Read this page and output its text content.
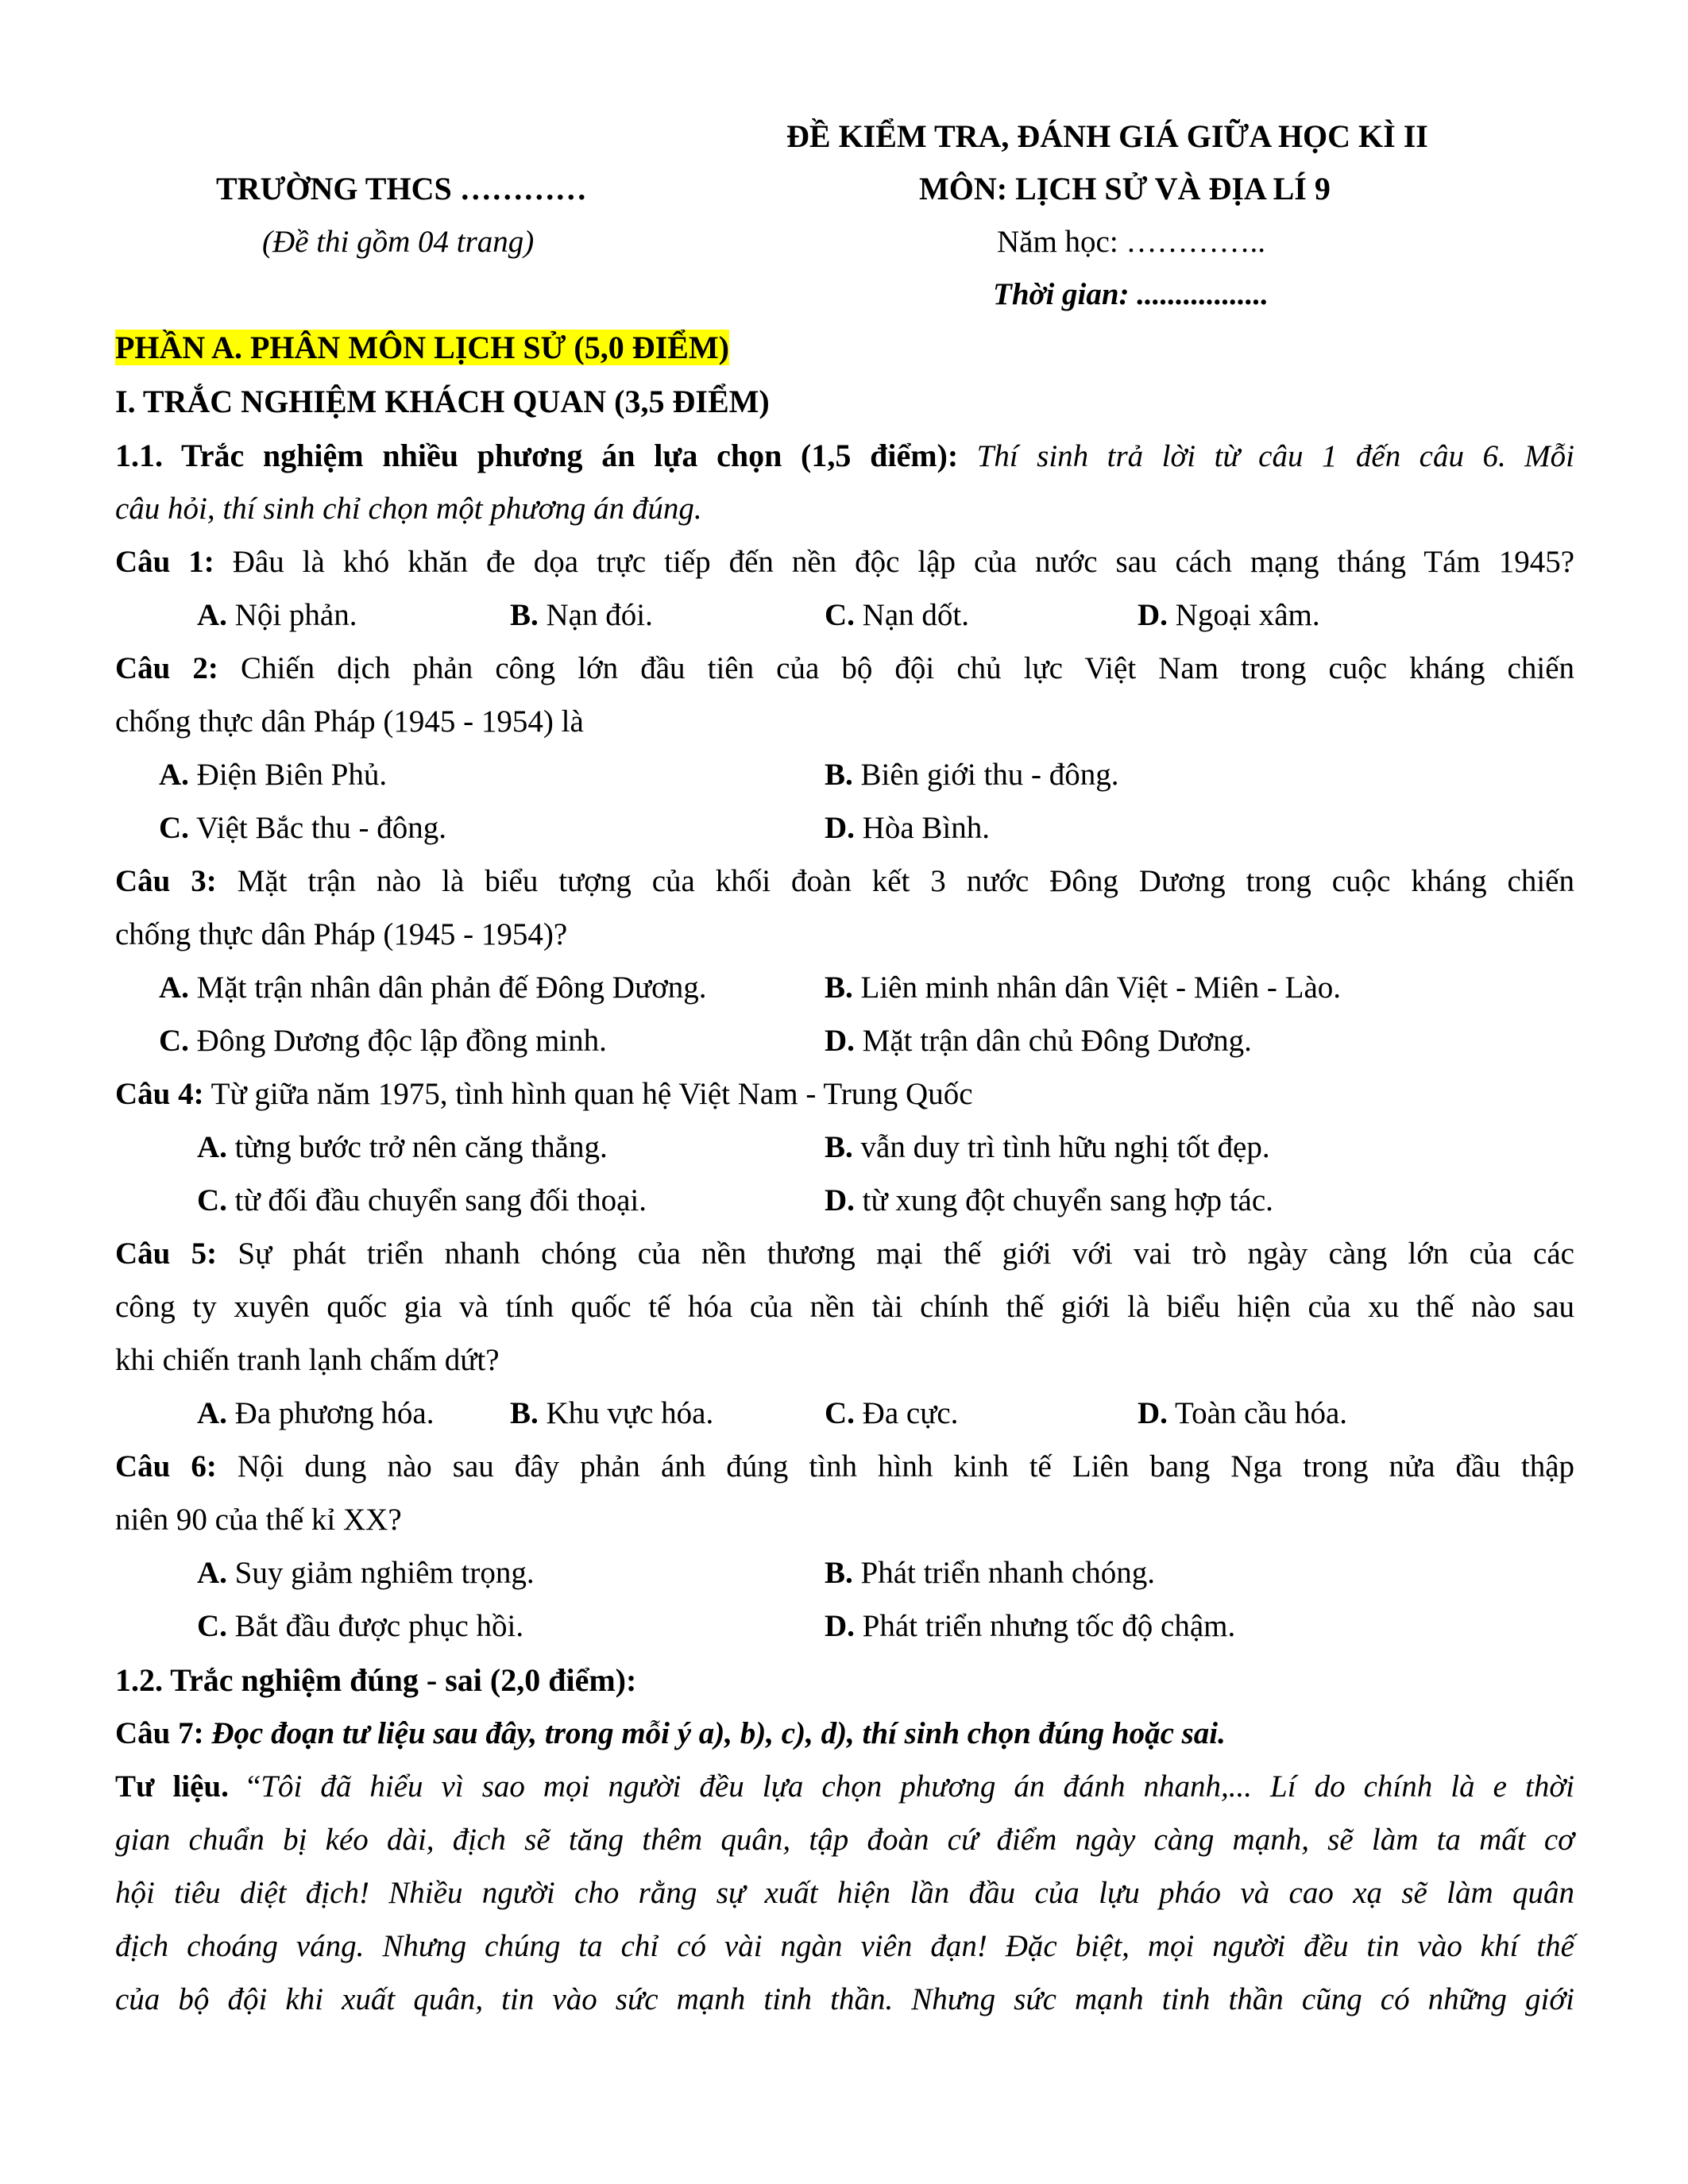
ĐỀ KIỂM TRA, ĐÁNH GIÁ GIỮA HỌC KÌ II
TRƯỜNG THCS …………	MÔN: LỊCH SỬ VÀ ĐỊA LÍ 9
(Đề thi gồm 04 trang)	Năm học: …………..
Thời gian: .................
PHẦN A. PHÂN MÔN LỊCH SỬ (5,0 ĐIỂM)
I. TRẮC NGHIỆM KHÁCH QUAN (3,5 ĐIỂM)
1.1. Trắc nghiệm nhiều phương án lựa chọn (1,5 điểm): Thí sinh trả lời từ câu 1 đến câu 6. Mỗi
câu hỏi, thí sinh chỉ chọn một phương án đúng.
Câu 1: Đâu là khó khăn đe dọa trực tiếp đến nền độc lập của nước sau cách mạng tháng Tám 1945?
A. Nội phản.	B. Nạn đói.	C. Nạn dốt.	D. Ngoại xâm.
Câu 2: Chiến dịch phản công lớn đầu tiên của bộ đội chủ lực Việt Nam trong cuộc kháng chiến
chống thực dân Pháp (1945 - 1954) là
A. Điện Biên Phủ.	B. Biên giới thu - đông.
C. Việt Bắc thu - đông.	D. Hòa Bình.
Câu 3: Mặt trận nào là biểu tượng của khối đoàn kết 3 nước Đông Dương trong cuộc kháng chiến
chống thực dân Pháp (1945 - 1954)?
A. Mặt trận nhân dân phản đế Đông Dương.	B. Liên minh nhân dân Việt - Miên - Lào.
C. Đông Dương độc lập đồng minh.	D. Mặt trận dân chủ Đông Dương.
Câu 4: Từ giữa năm 1975, tình hình quan hệ Việt Nam - Trung Quốc
A. từng bước trở nên căng thẳng.	B. vẫn duy trì tình hữu nghị tốt đẹp.
C. từ đối đầu chuyển sang đối thoại.	D. từ xung đột chuyển sang hợp tác.
Câu 5: Sự phát triển nhanh chóng của nền thương mại thế giới với vai trò ngày càng lớn của các
công ty xuyên quốc gia và tính quốc tế hóa của nền tài chính thế giới là biểu hiện của xu thế nào sau
khi chiến tranh lạnh chấm dứt?
A. Đa phương hóa. B. Khu vực hóa.	C. Đa cực.	D. Toàn cầu hóa.
Câu 6: Nội dung nào sau đây phản ánh đúng tình hình kinh tế Liên bang Nga trong nửa đầu thập
niên 90 của thế kỉ XX?
A. Suy giảm nghiêm trọng.	B. Phát triển nhanh chóng.
C. Bắt đầu được phục hồi.	D. Phát triển nhưng tốc độ chậm.
1.2. Trắc nghiệm đúng - sai (2,0 điểm):
Câu 7: Đọc đoạn tư liệu sau đây, trong mỗi ý a), b), c), d), thí sinh chọn đúng hoặc sai.
Tư liệu. “Tôi đã hiểu vì sao mọi người đều lựa chọn phương án đánh nhanh,... Lí do chính là e thời
gian chuẩn bị kéo dài, địch sẽ tăng thêm quân, tập đoàn cứ điểm ngày càng mạnh, sẽ làm ta mất cơ
hội tiêu diệt địch! Nhiều người cho rằng sự xuất hiện lần đầu của lựu pháo và cao xạ sẽ làm quân
địch choáng váng. Nhưng chúng ta chỉ có vài ngàn viên đạn! Đặc biệt, mọi người đều tin vào khí thế
của bộ đội khi xuất quân, tin vào sức mạnh tinh thần. Nhưng sức mạnh tinh thần cũng có những giới
